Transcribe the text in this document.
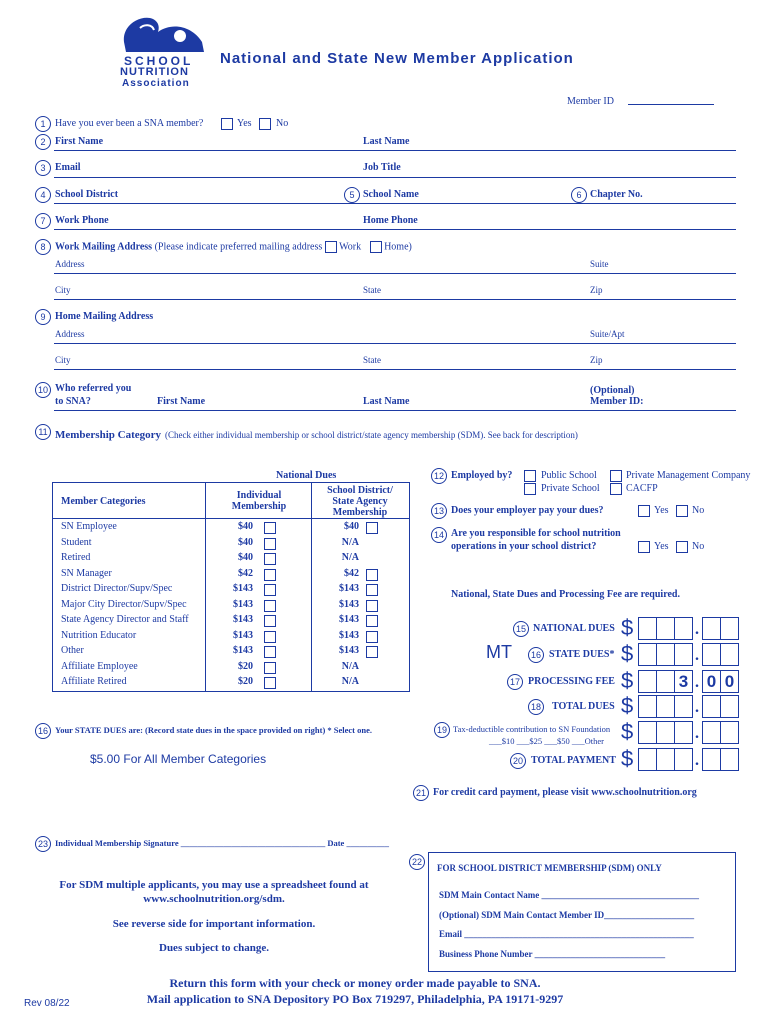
SCHOOL
NUTRITION
Association
National and State New Member Application
Member ID
1 Have you ever been a SNA member?	Yes No
2 First Name	Last Name
3 Email	Job Title
4 School District	5 School Name	6 Chapter No.
7 Work Phone	Home Phone
8 Work Mailing Address (Please indicate preferred mailing address Work Home)
Address	Suite
City	State	Zip
9 Home Mailing Address
Address	Suite/Apt
City	State	Zip
10 Who referred you
to SNA?	First Name	Last Name
(Optional)
Member ID:
11 Membership Category (Check either individual membership or school district/state agency membership (SDM). See back for description)
National Dues
Member Categories
Individual Membership
School District/ State Agency Membership
SN Employee	$40	$40
Student	$40	N/A
Retired	$40	N/A
SN Manager	$42	$42
District Director/Supv/Spec	$143	$143
Major City Director/Supv/Spec	$143	$143
State Agency Director and Staff	$143	$143
Nutrition Educator	$143	$143
Other	$143	$143
Affiliate Employee	$20	N/A
Affiliate Retired	$20	N/A
12 Employed by?	Public School	Private Management Company
Private School	CACFP
13 Does your employer pay your dues?	Yes No
14 Are you responsible for school nutrition
operations in your school district?	Yes No
National, State Dues and Processing Fee are required.
15 NATIONAL DUES $	.
MT	16 STATE DUES* $	.
17 PROCESSING FEE $	3 . 0 0
18	TOTAL DUES $	.
16 Your STATE DUES are: (Record state dues in the space provided on right) * Select one.
$5.00 For All Member Categories
19 Tax-deductible contribution to SN Foundation
___$10 ___$25 ___$50 ___Other $	.
20 TOTAL PAYMENT $	.
21 For credit card payment, please visit www.schoolnutrition.org
23 Individual Membership Signature __________________________________ Date __________
22
FOR SCHOOL DISTRICT MEMBERSHIP (SDM) ONLY
SDM Main Contact Name ___________________________________
(Optional) SDM Main Contact Member ID____________________
Email ___________________________________________________
Business Phone Number _____________________________
For SDM multiple applicants, you may use a spreadsheet found at
www.schoolnutrition.org/sdm.
See reverse side for important information.
Dues subject to change.
Return this form with your check or money order made payable to SNA.
Mail application to SNA Depository PO Box 719297, Philadelphia, PA 19171-9297
Rev 08/22
